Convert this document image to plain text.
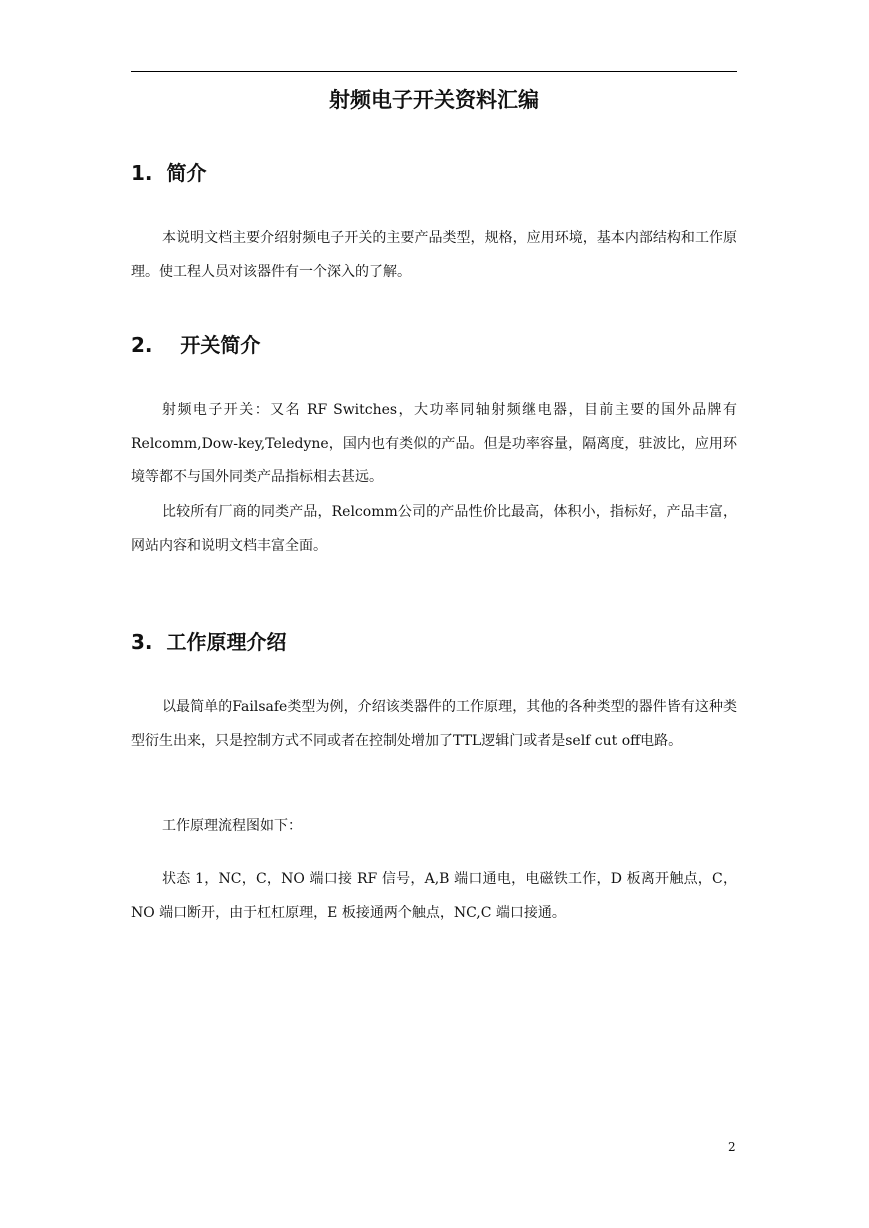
射频电子开关资料汇编
1. 简介

本说明文档主要介绍射频电子开关的主要产品类型，规格，应用环境，基本内部结构和工作原理。使工程人员对该器件有一个深入的了解。

2. 开关简介

射频电子开关：又名 RF Switches，大功率同轴射频继电器，目前主要的国外品牌有Relcomm,Dow-key,Teledyne，国内也有类似的产品。但是功率容量，隔离度，驻波比，应用环境等都不与国外同类产品指标相去甚远。

比较所有厂商的同类产品，Relcomm公司的产品性价比最高，体积小，指标好，产品丰富，网站内容和说明文档丰富全面。

3. 工作原理介绍

以最简单的Failsafe类型为例，介绍该类器件的工作原理，其他的各种类型的器件皆有这种类型衍生出来，只是控制方式不同或者在控制处增加了TTL逻辑门或者是self cut off电路。

工作原理流程图如下：

状态 1，NC，C，NO 端口接 RF 信号，A,B 端口通电，电磁铁工作，D 板离开触点，C，NO 端口断开，由于杠杠原理，E 板接通两个触点，NC,C 端口接通。

2
